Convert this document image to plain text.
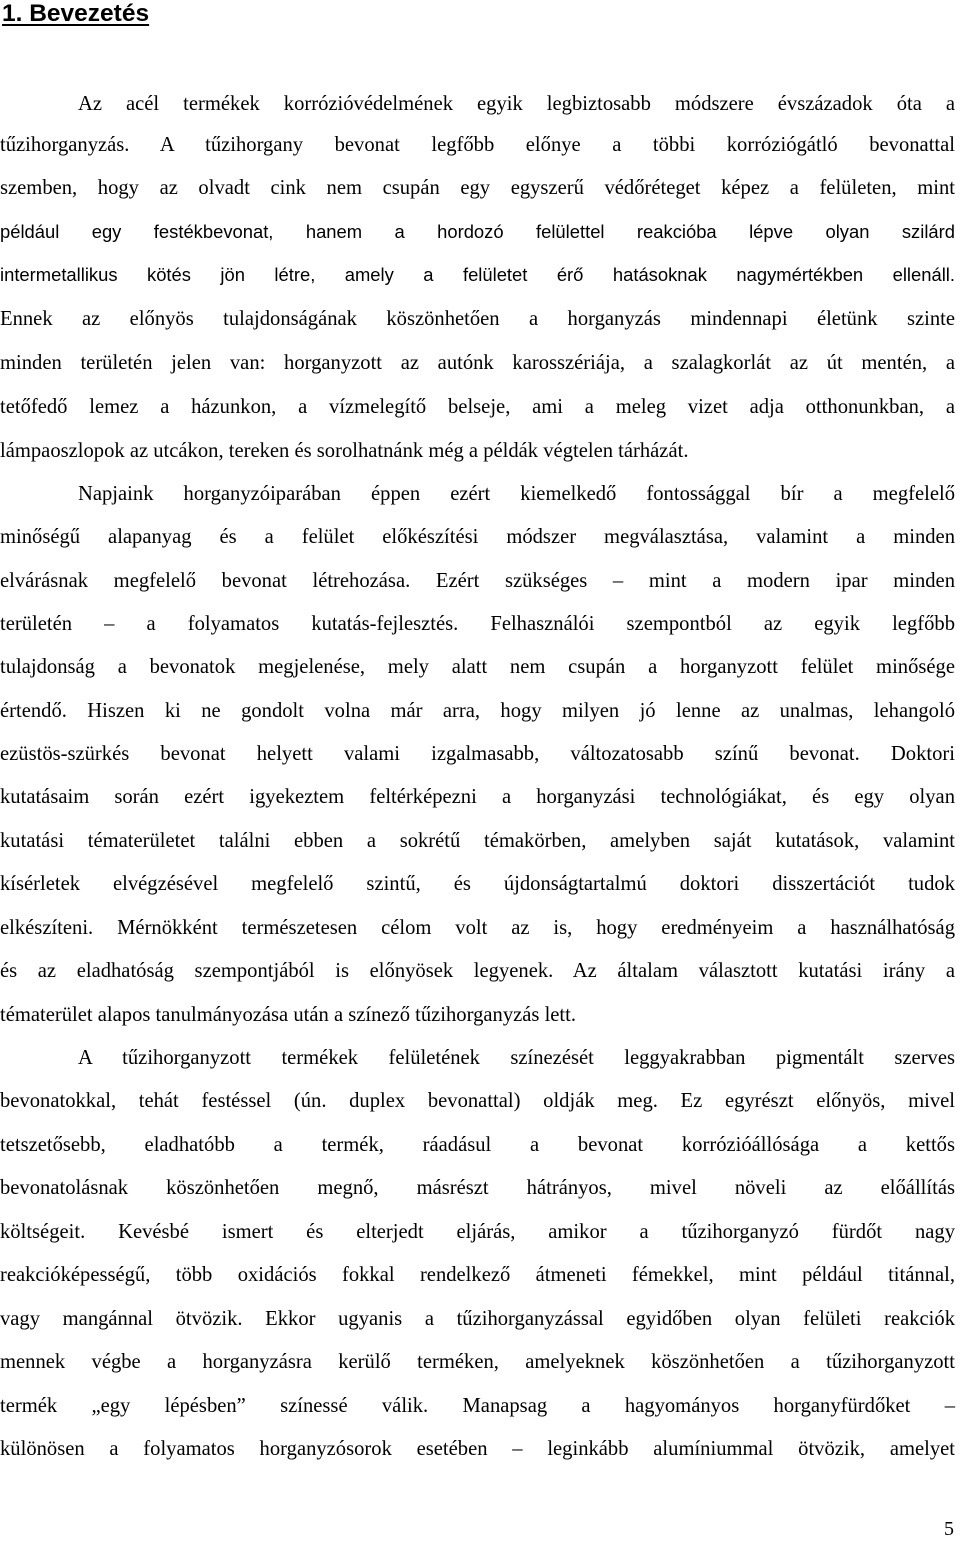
1. Bevezetés
Az acél termékek korrózióvédelmének egyik legbiztosabb módszere évszázadok óta a
tűzihorganyzás. A tűzihorgany bevonat legfőbb előnye a többi korróziógátló bevonattal
szemben, hogy az olvadt cink nem csupán egy egyszerű védőréteget képez a felületen, mint
például egy festékbevonat, hanem a hordozó felülettel reakcióba lépve olyan szilárd
intermetallikus kötés jön létre, amely a felületet érő hatásoknak nagymértékben ellenáll.
Ennek az előnyös tulajdonságának köszönhetően a horganyzás mindennapi életünk szinte
minden területén jelen van: horganyzott az autónk karosszériája, a szalagkorlát az út mentén, a
tetőfedő lemez a házunkon, a vízmelegítő belseje, ami a meleg vizet adja otthonunkban, a
lámpaoszlopok az utcákon, tereken és sorolhatnánk még a példák végtelen tárházát.
Napjaink horganyzóiparában éppen ezért kiemelkedő fontossággal bír a megfelelő
minőségű alapanyag és a felület előkészítési módszer megválasztása, valamint a minden
elvárásnak megfelelő bevonat létrehozása. Ezért szükséges – mint a modern ipar minden
területén – a folyamatos kutatás-fejlesztés. Felhasználói szempontból az egyik legfőbb
tulajdonság a bevonatok megjelenése, mely alatt nem csupán a horganyzott felület minősége
értendő. Hiszen ki ne gondolt volna már arra, hogy milyen jó lenne az unalmas, lehangoló
ezüstös-szürkés bevonat helyett valami izgalmasabb, változatosabb színű bevonat. Doktori
kutatásaim során ezért igyekeztem feltérképezni a horganyzási technológiákat, és egy olyan
kutatási tématerületet találni ebben a sokrétű témakörben, amelyben saját kutatások, valamint
kísérletek elvégzésével megfelelő szintű, és újdonságtartalmú doktori disszertációt tudok
elkészíteni. Mérnökként természetesen célom volt az is, hogy eredményeim a használhatóság
és az eladhatóság szempontjából is előnyösek legyenek. Az általam választott kutatási irány a
tématerület alapos tanulmányozása után a színező tűzihorganyzás lett.
A tűzihorganyzott termékek felületének színezését leggyakrabban pigmentált szerves
bevonatokkal, tehát festéssel (ún. duplex bevonattal) oldják meg. Ez egyrészt előnyös, mivel
tetszetősebb, eladhatóbb a termék, ráadásul a bevonat korrózióállósága a kettős
bevonatolásnak köszönhetően megnő, másrészt hátrányos, mivel növeli az előállítás
költségeit. Kevésbé ismert és elterjedt eljárás, amikor a tűzihorganyzó fürdőt nagy
reakcióképességű, több oxidációs fokkal rendelkező átmeneti fémekkel, mint például titánnal,
vagy mangánnal ötvözik. Ekkor ugyanis a tűzihorganyzással egyidőben olyan felületi reakciók
mennek végbe a horganyzásra kerülő terméken, amelyeknek köszönhetően a tűzihorganyzott
termék „egy lépésben” színessé válik. Manapsag a hagyományos horganyfürdőket –
különösen a folyamatos horganyzósorok esetében – leginkább alumíniummal ötvözik, amelyet
5
